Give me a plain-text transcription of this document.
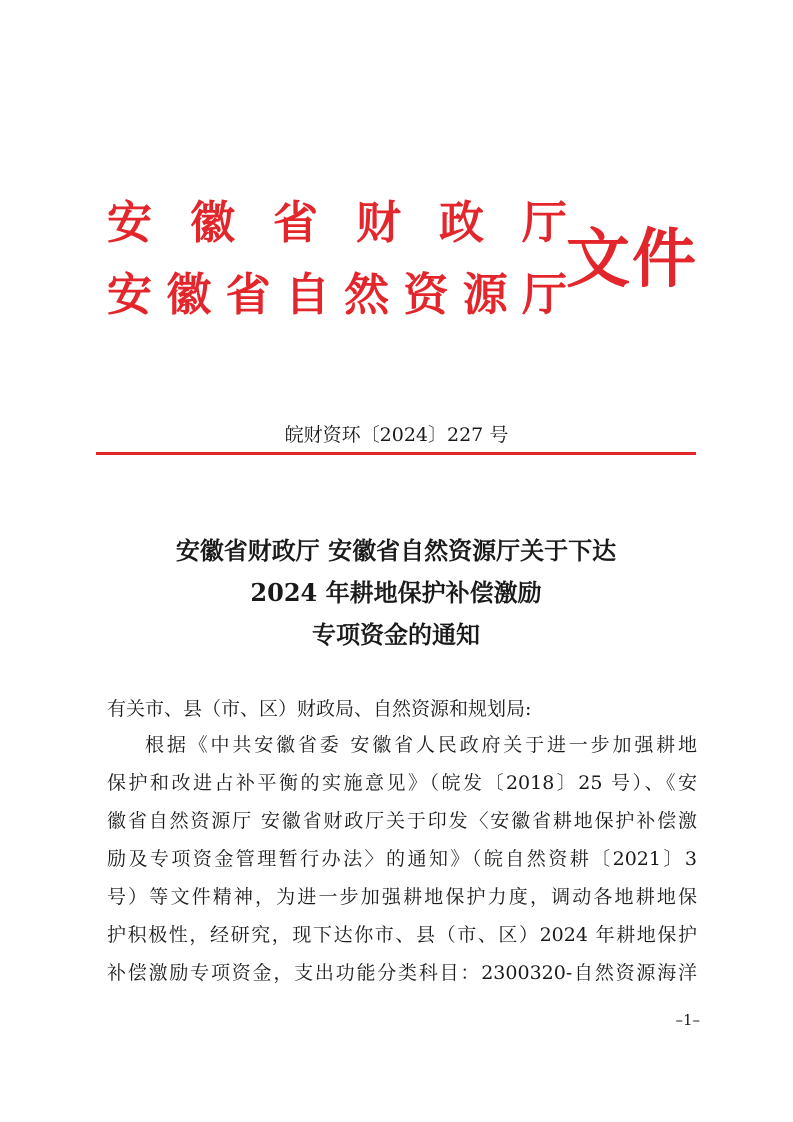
安 徽 省 财 政 厅
安 徽 省 自 然 资 源 厅 文件
皖财资环〔2024〕227 号
安徽省财政厅 安徽省自然资源厅关于下达
2024 年耕地保护补偿激励
专项资金的通知
有关市、县（市、区）财政局、自然资源和规划局:
根据《中共安徽省委 安徽省人民政府关于进一步加强耕地
保护和改进占补平衡的实施意见》（皖发〔2018〕25 号）、《安
徽省自然资源厅 安徽省财政厅关于印发〈安徽省耕地保护补偿激
励及专项资金管理暂行办法〉的通知》（皖自然资耕〔2021〕3
号）等文件精神，为进一步加强耕地保护力度，调动各地耕地保
护积极性，经研究，现下达你市、县（市、区）2024 年耕地保护
补偿激励专项资金，支出功能分类科目：2300320-自然资源海洋
–1–
